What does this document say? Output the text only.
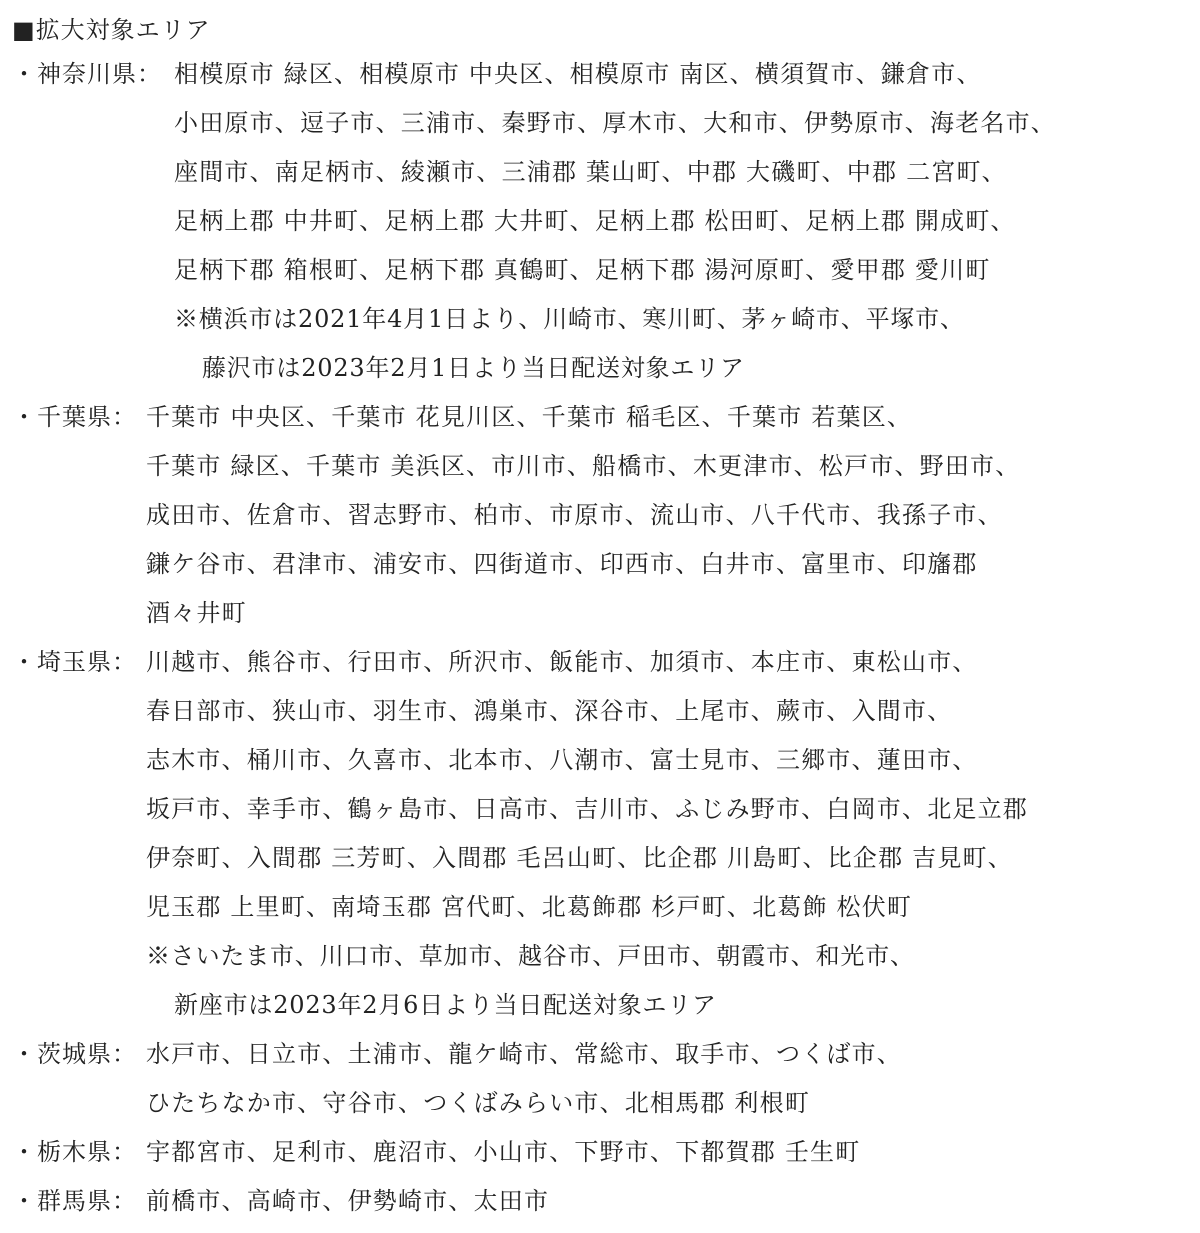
■拡大対象エリア
・神奈川県： 相模原市 緑区、相模原市 中央区、相模原市 南区、横須賀市、鎌倉市、
小田原市、逗子市、三浦市、秦野市、厚木市、大和市、伊勢原市、海老名市、
座間市、南足柄市、綾瀬市、三浦郡 葉山町、中郡 大磯町、中郡 二宮町、
足柄上郡 中井町、足柄上郡 大井町、足柄上郡 松田町、足柄上郡 開成町、
足柄下郡 箱根町、足柄下郡 真鶴町、足柄下郡 湯河原町、愛甲郡 愛川町
※横浜市は2021年4月1日より、川崎市、寒川町、茅ヶ崎市、平塚市、
藤沢市は2023年2月1日より当日配送対象エリア
・千葉県： 千葉市 中央区、千葉市 花見川区、千葉市 稲毛区、千葉市 若葉区、
千葉市 緑区、千葉市 美浜区、市川市、船橋市、木更津市、松戸市、野田市、
成田市、佐倉市、習志野市、柏市、市原市、流山市、八千代市、我孫子市、
鎌ケ谷市、君津市、浦安市、四街道市、印西市、白井市、富里市、印旛郡
酒々井町
・埼玉県： 川越市、熊谷市、行田市、所沢市、飯能市、加須市、本庄市、東松山市、
春日部市、狭山市、羽生市、鴻巣市、深谷市、上尾市、蕨市、入間市、
志木市、桶川市、久喜市、北本市、八潮市、富士見市、三郷市、蓮田市、
坂戸市、幸手市、鶴ヶ島市、日高市、吉川市、ふじみ野市、白岡市、北足立郡
伊奈町、入間郡 三芳町、入間郡 毛呂山町、比企郡 川島町、比企郡 吉見町、
児玉郡 上里町、南埼玉郡 宮代町、北葛飾郡 杉戸町、北葛飾 松伏町
※さいたま市、川口市、草加市、越谷市、戸田市、朝霞市、和光市、
新座市は2023年2月6日より当日配送対象エリア
・茨城県： 水戸市、日立市、土浦市、龍ケ崎市、常総市、取手市、つくば市、
ひたちなか市、守谷市、つくばみらい市、北相馬郡 利根町
・栃木県： 宇都宮市、足利市、鹿沼市、小山市、下野市、下都賀郡 壬生町
・群馬県： 前橋市、高崎市、伊勢崎市、太田市
